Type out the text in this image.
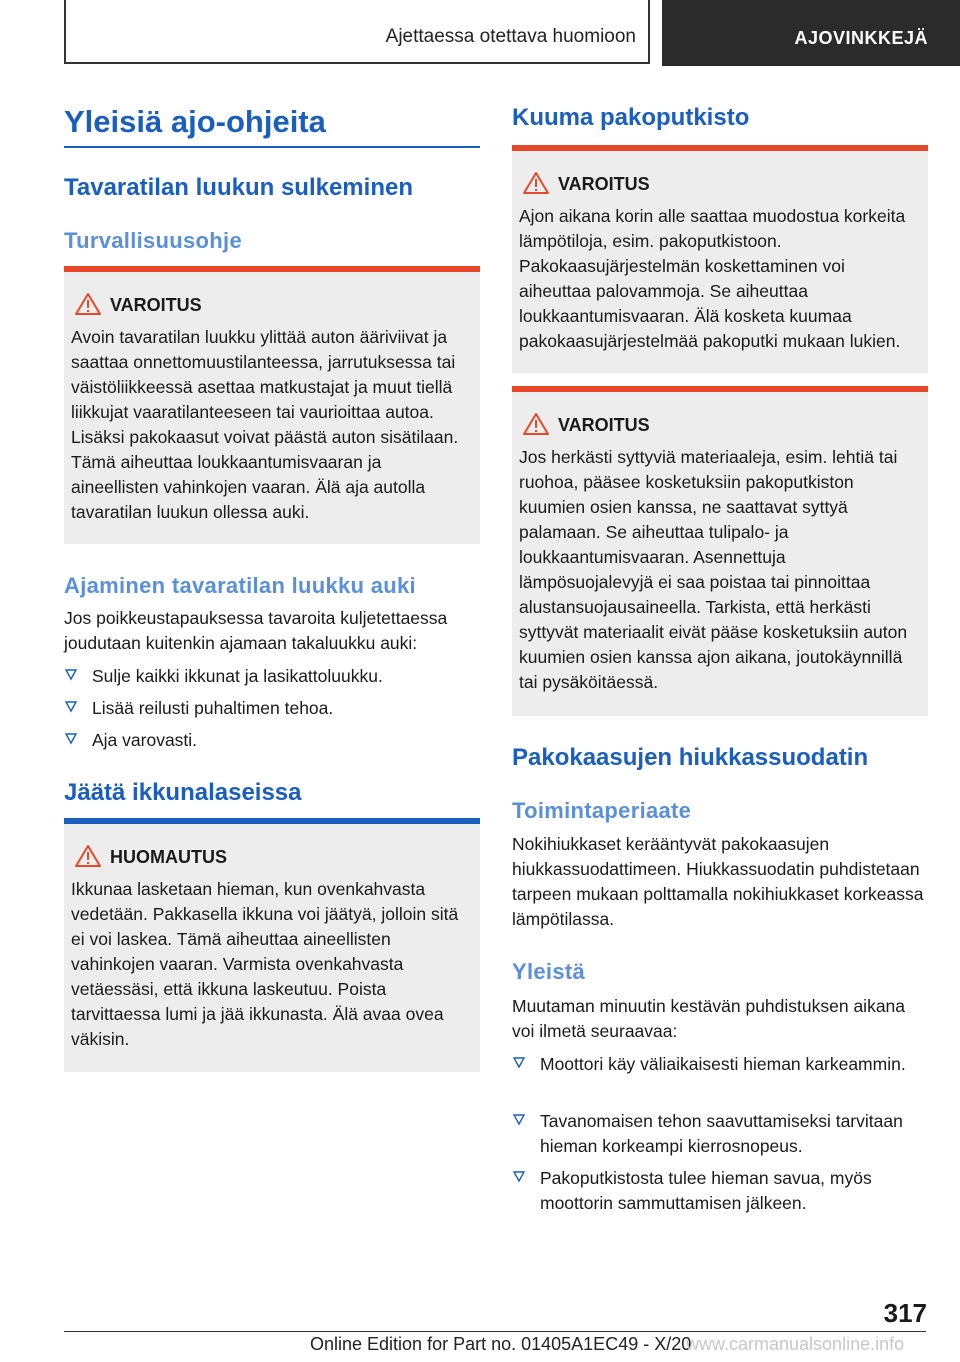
Ajettaessa otettava huomioon	AJOVINKKEJÄ
Yleisiä ajo-ohjeita
Tavaratilan luukun sulkeminen
Turvallisuusohje
VAROITUS
Avoin tavaratilan luukku ylittää auton ääriviivat ja saattaa onnettomuustilanteessa, jarrutuksessa tai väistöliikkeessä asettaa matkustajat ja muut tiellä liikkujat vaaratilanteeseen tai vaurioittaa autoa. Lisäksi pakokaasut voivat päästä auton sisätilaan. Tämä aiheuttaa loukkaantumisvaaran ja aineellisten vahinkojen vaaran. Älä aja autolla tavaratilan luukun ollessa auki.
Ajaminen tavaratilan luukku auki
Jos poikkeustapauksessa tavaroita kuljetettaessa joudutaan kuitenkin ajamaan takaluukku auki:
Sulje kaikki ikkunat ja lasikattoluukku.
Lisää reilusti puhaltimen tehoa.
Aja varovasti.
Jäätä ikkunalaseissa
HUOMAUTUS
Ikkunaa lasketaan hieman, kun ovenkahvasta vedetään. Pakkasella ikkuna voi jäätyä, jolloin sitä ei voi laskea. Tämä aiheuttaa aineellisten vahinkojen vaaran. Varmista ovenkahvasta vetäessäsi, että ikkuna laskeutuu. Poista tarvittaessa lumi ja jää ikkunasta. Älä avaa ovea väkisin.
Kuuma pakoputkisto
VAROITUS
Ajon aikana korin alle saattaa muodostua korkeita lämpötiloja, esim. pakoputkistoon. Pakokaasujärjestelmän koskettaminen voi aiheuttaa palovammoja. Se aiheuttaa loukkaantumisvaaran. Älä kosketa kuumaa pakokaasujärjestelmää pakoputki mukaan lukien.
VAROITUS
Jos herkästi syttyviä materiaaleja, esim. lehtiä tai ruohoa, pääsee kosketuksiin pakoputkiston kuumien osien kanssa, ne saattavat syttyä palamaan. Se aiheuttaa tulipalo- ja loukkaantumisvaaran. Asennettuja lämpösuojalevyjä ei saa poistaa tai pinnoittaa alustansuojausaineella. Tarkista, että herkästi syttyvät materiaalit eivät pääse kosketuksiin auton kuumien osien kanssa ajon aikana, joutokäynnillä tai pysäköitäessä.
Pakokaasujen hiukkassuodatin
Toimintaperiaate
Nokihiukkaset kerääntyvät pakokaasujen hiukkassuodattimeen. Hiukkassuodatin puhdistetaan tarpeen mukaan polttamalla nokihiukkaset korkeassa lämpötilassa.
Yleistä
Muutaman minuutin kestävän puhdistuksen aikana voi ilmetä seuraavaa:
Moottori käy väliaikaisesti hieman karkeammin.
Tavanomaisen tehon saavuttamiseksi tarvitaan hieman korkeampi kierrosnopeus.
Pakoputkistosta tulee hieman savua, myös moottorin sammuttamisen jälkeen.
317
Online Edition for Part no. 01405A1EC49 - X/20
www.carmanualsonline.info
